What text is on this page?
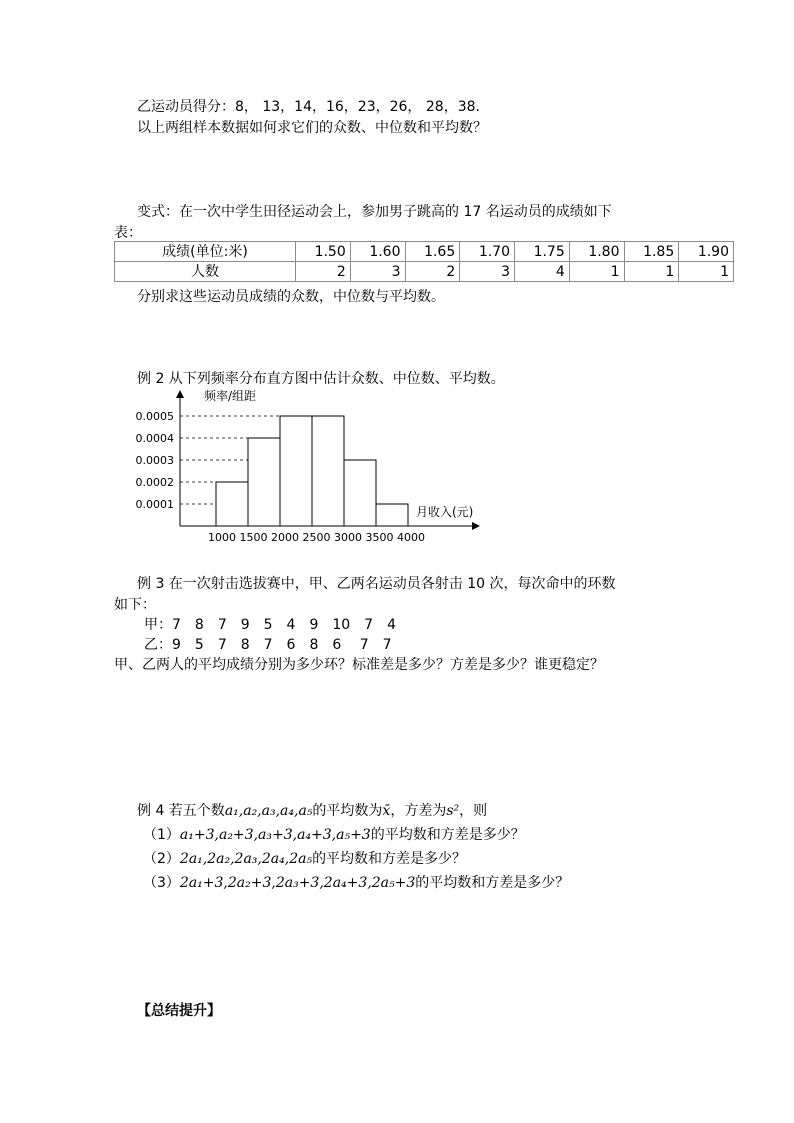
乙运动员得分：8， 13，14，16，23，26， 28，38.
以上两组样本数据如何求它们的众数、中位数和平均数？
变式：在一次中学生田径运动会上，参加男子跳高的 17 名运动员的成绩如下
表：
成绩(单位:米)	1.50	1.60	1.65	1.70	1.75	1.80	1.85	1.90
人数	2	3	2	3	4	1	1	1
分别求这些运动员成绩的众数，中位数与平均数。
例 2 从下列频率分布直方图中估计众数、中位数、平均数。
频率/组距
月收入(元)
0.0005
0.0004
0.0003
0.0002
0.0001
1000 1500 2000 2500 3000 3500 4000
例 3 在一次射击选拔赛中，甲、乙两名运动员各射击 10 次，每次命中的环数
如下：
甲：7　8　7　9　5　4　9　10　7　4
乙：9　5　7　8　7　6　8　6　 7　7
甲、乙两人的平均成绩分别为多少环？标准差是多少？方差是多少？谁更稳定？
例 4 若五个数a₁,a₂,a₃,a₄,a₅的平均数为x̄，方差为s²，则
（1）a₁+3,a₂+3,a₃+3,a₄+3,a₅+3的平均数和方差是多少？
（2）2a₁,2a₂,2a₃,2a₄,2a₅的平均数和方差是多少？
（3）2a₁+3,2a₂+3,2a₃+3,2a₄+3,2a₅+3的平均数和方差是多少？
【总结提升】
